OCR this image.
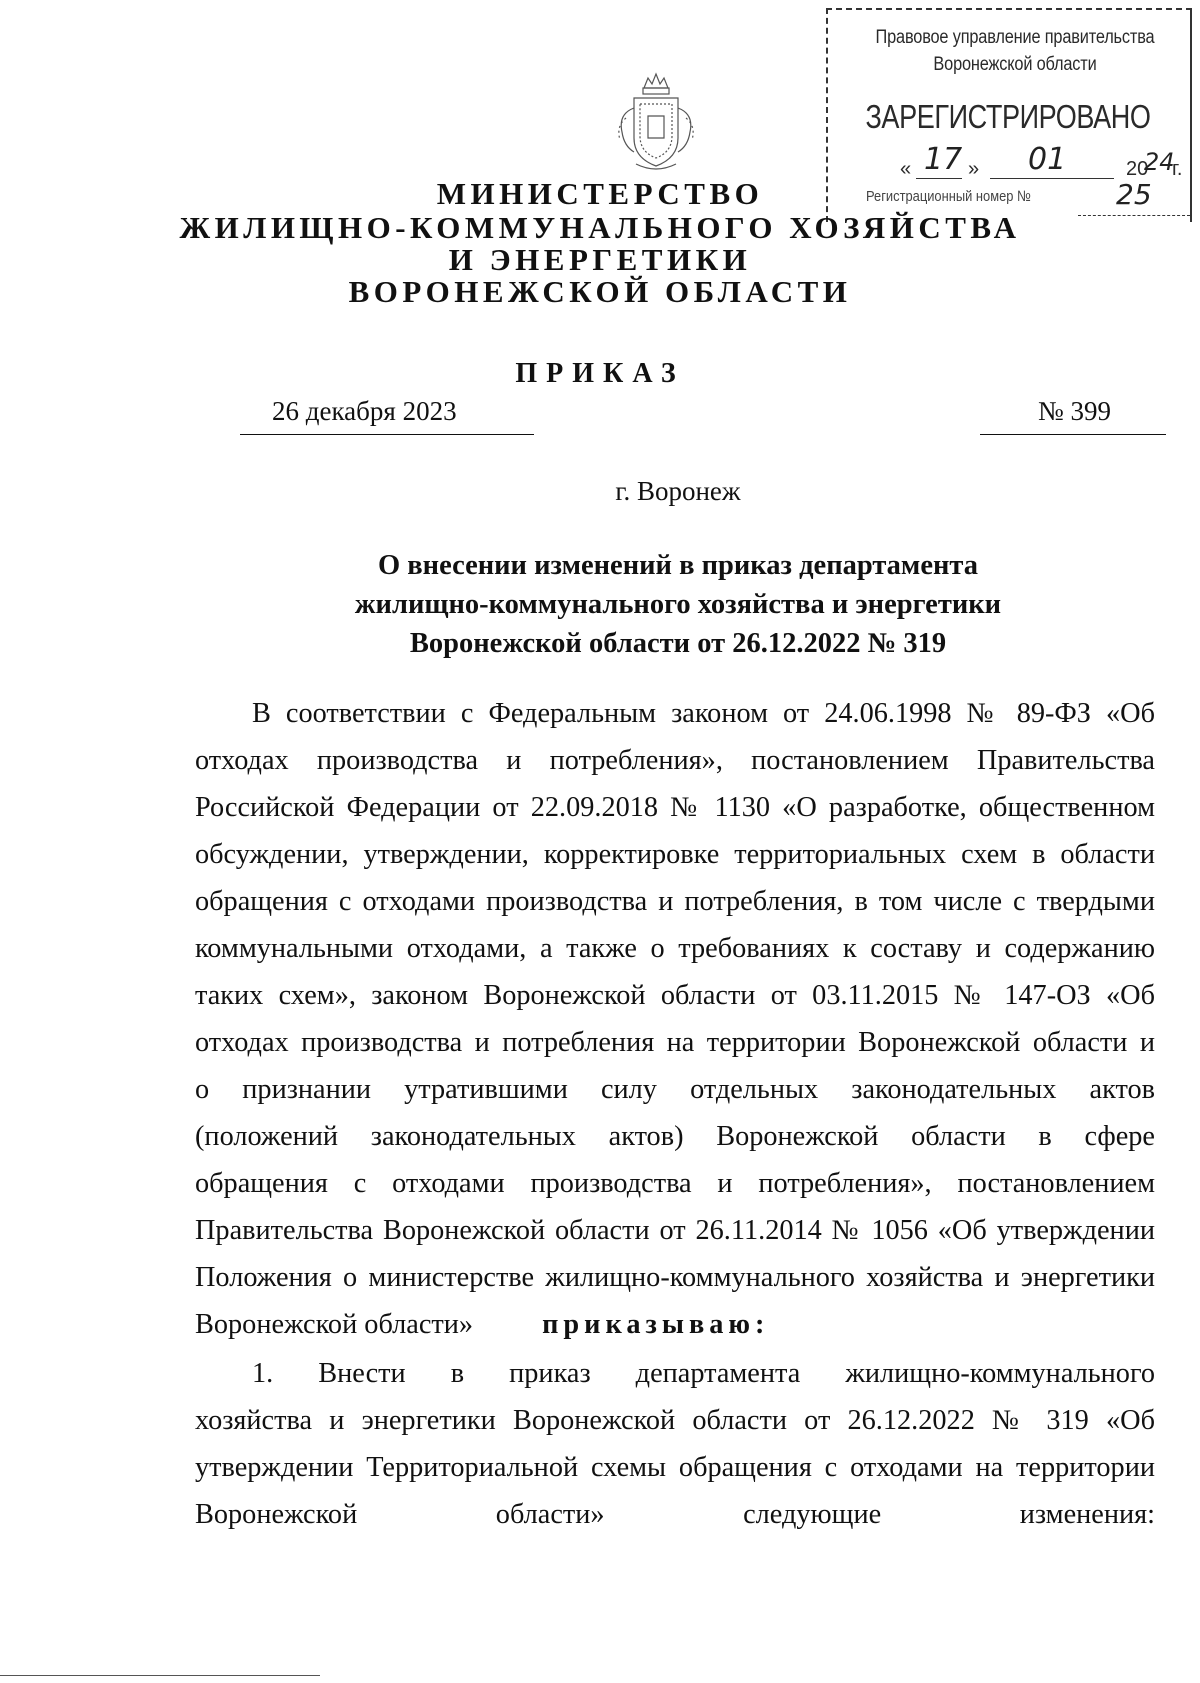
Правовое управление правительства
Воронежской области
ЗАРЕГИСТРИРОВАНО
« 17 » 01	20
24
г.
Регистрационный номер №	25
МИНИСТЕРСТВО
ЖИЛИЩНО-КОММУНАЛЬНОГО ХОЗЯЙСТВА
И ЭНЕРГЕТИКИ
ВОРОНЕЖСКОЙ ОБЛАСТИ
ПРИКАЗ
26 декабря 2023	№ 399
г. Воронеж
О внесении изменений в приказ департамента
жилищно-коммунального хозяйства и энергетики
Воронежской области от 26.12.2022 № 319
В соответствии с Федеральным законом от 24.06.1998 № 89-ФЗ «Об
отходах производства и потребления», постановлением Правительства
Российской Федерации от 22.09.2018 № 1130 «О разработке, общественном
обсуждении, утверждении, корректировке территориальных схем в области
обращения с отходами производства и потребления, в том числе с твердыми
коммунальными отходами, а также о требованиях к составу и содержанию
таких схем», законом Воронежской области от 03.11.2015 № 147-ОЗ «Об
отходах производства и потребления на территории Воронежской области и
о признании утратившими силу отдельных законодательных актов
(положений законодательных актов) Воронежской области в сфере
обращения с отходами производства и потребления», постановлением
Правительства Воронежской области от 26.11.2014 № 1056 «Об утверждении
Положения о министерстве жилищно-коммунального хозяйства и энергетики
Воронежской области» приказываю:
1. Внести в приказ департамента жилищно-коммунального
хозяйства и энергетики Воронежской области от 26.12.2022 № 319 «Об
утверждении Территориальной схемы обращения с отходами на территории
Воронежской области» следующие изменения:
